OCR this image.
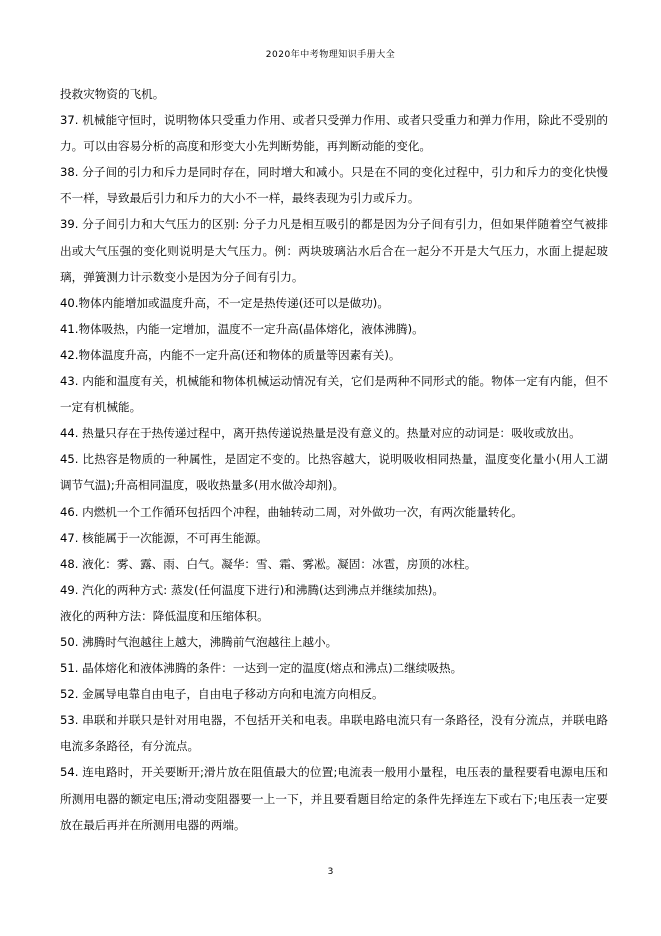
2020年中考物理知识手册大全

投救灾物资的飞机。

37. 机械能守恒时，说明物体只受重力作用、或者只受弹力作用、或者只受重力和弹力作用，除此不受别的力。可以由容易分析的高度和形变大小先判断势能，再判断动能的变化。

38. 分子间的引力和斥力是同时存在，同时增大和减小。只是在不同的变化过程中，引力和斥力的变化快慢不一样，导致最后引力和斥力的大小不一样，最终表现为引力或斥力。

39. 分子间引力和大气压力的区别: 分子力凡是相互吸引的都是因为分子间有引力，但如果伴随着空气被排出或大气压强的变化则说明是大气压力。例：两块玻璃沾水后合在一起分不开是大气压力，水面上提起玻璃，弹簧测力计示数变小是因为分子间有引力。

40.物体内能增加或温度升高，不一定是热传递(还可以是做功)。

41.物体吸热，内能一定增加，温度不一定升高(晶体熔化，液体沸腾)。

42.物体温度升高，内能不一定升高(还和物体的质量等因素有关)。

43. 内能和温度有关，机械能和物体机械运动情况有关，它们是两种不同形式的能。物体一定有内能，但不一定有机械能。

44. 热量只存在于热传递过程中，离开热传递说热量是没有意义的。热量对应的动词是：吸收或放出。

45. 比热容是物质的一种属性，是固定不变的。比热容越大，说明吸收相同热量，温度变化量小(用人工湖调节气温);升高相同温度，吸收热量多(用水做冷却剂)。

46. 内燃机一个工作循环包括四个冲程，曲轴转动二周，对外做功一次，有两次能量转化。

47. 核能属于一次能源，不可再生能源。

48. 液化：雾、露、雨、白气。凝华：雪、霜、雾凇。凝固：冰雹，房顶的冰柱。

49. 汽化的两种方式: 蒸发(任何温度下进行)和沸腾(达到沸点并继续加热)。

液化的两种方法：降低温度和压缩体积。

50. 沸腾时气泡越往上越大，沸腾前气泡越往上越小。

51. 晶体熔化和液体沸腾的条件：一达到一定的温度(熔点和沸点)二继续吸热。

52. 金属导电靠自由电子，自由电子移动方向和电流方向相反。

53. 串联和并联只是针对用电器，不包括开关和电表。串联电路电流只有一条路径，没有分流点，并联电路电流多条路径，有分流点。

54. 连电路时，开关要断开;滑片放在阻值最大的位置;电流表一般用小量程，电压表的量程要看电源电压和所测用电器的额定电压;滑动变阻器要一上一下，并且要看题目给定的条件先择连左下或右下;电压表一定要放在最后再并在所测用电器的两端。

3
